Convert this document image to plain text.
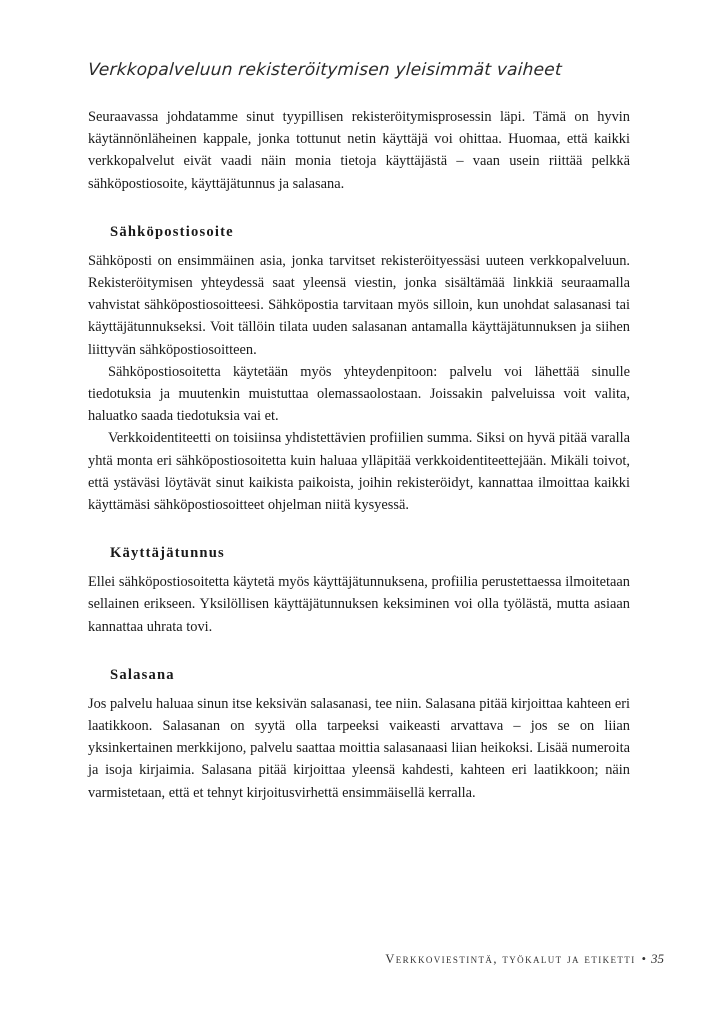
Verkkopalveluun rekisteröitymisen yleisimmät vaiheet

Seuraavassa johdatamme sinut tyypillisen rekisteröitymisprosessin läpi. Tämä on hyvin käytännönläheinen kappale, jonka tottunut netin käyttäjä voi ohittaa. Huomaa, että kaikki verkkopalvelut eivät vaadi näin monia tietoja käyttäjästä – vaan usein riittää pelkkä sähköpostiosoite, käyttäjätunnus ja salasana.

Sähköpostiosoite

Sähköposti on ensimmäinen asia, jonka tarvitset rekisteröityessäsi uuteen verkkopalveluun. Rekisteröitymisen yhteydessä saat yleensä viestin, jonka sisältämää linkkiä seuraamalla vahvistat sähköpostiosoitteesi. Sähköpostia tarvitaan myös silloin, kun unohdat salasanasi tai käyttäjätunnukseksi. Voit tällöin tilata uuden salasanan antamalla käyttäjätunnuksen ja siihen liittyvän sähköpostiosoitteen.

Sähköpostiosoitetta käytetään myös yhteydenpitoon: palvelu voi lähettää sinulle tiedotuksia ja muutenkin muistuttaa olemassaolostaan. Joissakin palveluissa voit valita, haluatko saada tiedotuksia vai et.

Verkkoidentiteetti on toisiinsa yhdistettävien profiilien summa. Siksi on hyvä pitää varalla yhtä monta eri sähköpostiosoitetta kuin haluaa ylläpitää verkkoidentiteettejään. Mikäli toivot, että ystäväsi löytävät sinut kaikista paikoista, joihin rekisteröidyt, kannattaa ilmoittaa kaikki käyttämäsi sähköpostiosoitteet ohjelman niitä kysyessä.

Käyttäjätunnus

Ellei sähköpostiosoitetta käytetä myös käyttäjätunnuksena, profiilia perustettaessa ilmoitetaan sellainen erikseen. Yksilöllisen käyttäjätunnuksen keksiminen voi olla työlästä, mutta asiaan kannattaa uhrata tovi.

Salasana

Jos palvelu haluaa sinun itse keksivän salasanasi, tee niin. Salasana pitää kirjoittaa kahteen eri laatikkoon. Salasanan on syytä olla tarpeeksi vaikeasti arvattava – jos se on liian yksinkertainen merkkijono, palvelu saattaa moittia salasanaasi liian heikoksi. Lisää numeroita ja isoja kirjaimia. Salasana pitää kirjoittaa yleensä kahdesti, kahteen eri laatikkoon; näin varmistetaan, että et tehnyt kirjoitusvirhettä ensimmäisellä kerralla.

Verkkoviestintä, työkalut ja etiketti • 35
